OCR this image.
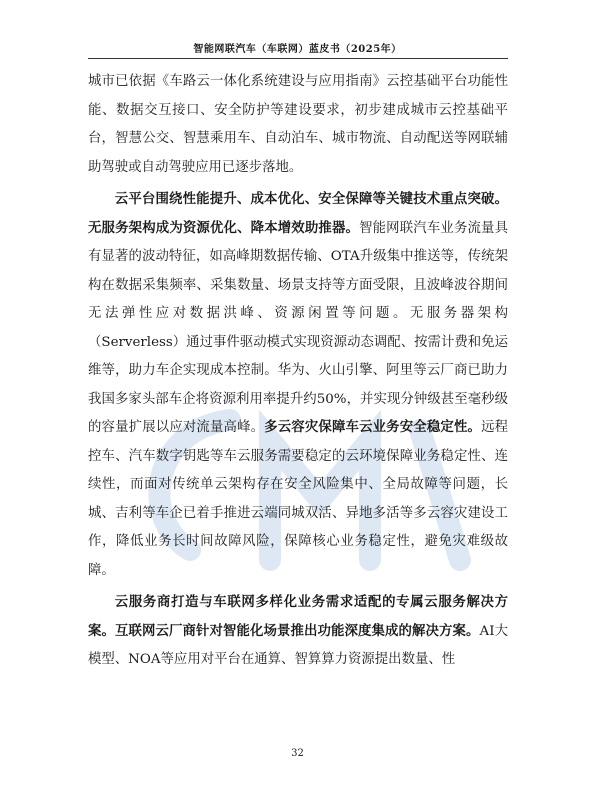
智能网联汽车（车联网）蓝皮书（2025年）

城市已依据《车路云一体化系统建设与应用指南》云控基础平台功能性能、数据交互接口、安全防护等建设要求，初步建成城市云控基础平台，智慧公交、智慧乘用车、自动泊车、城市物流、自动配送等网联辅助驾驶或自动驾驶应用已逐步落地。

云平台围绕性能提升、成本优化、安全保障等关键技术重点突破。无服务架构成为资源优化、降本增效助推器。智能网联汽车业务流量具有显著的波动特征，如高峰期数据传输、OTA升级集中推送等，传统架构在数据采集频率、采集数量、场景支持等方面受限，且波峰波谷期间无法弹性应对数据洪峰、资源闲置等问题。无服务器架构（Serverless）通过事件驱动模式实现资源动态调配、按需计费和免运维等，助力车企实现成本控制。华为、火山引擎、阿里等云厂商已助力我国多家头部车企将资源利用率提升约50%，并实现分钟级甚至毫秒级的容量扩展以应对流量高峰。多云容灾保障车云业务安全稳定性。远程控车、汽车数字钥匙等车云服务需要稳定的云环境保障业务稳定性、连续性，而面对传统单云架构存在安全风险集中、全局故障等问题，长城、吉利等车企已着手推进云端同城双活、异地多活等多云容灾建设工作，降低业务长时间故障风险，保障核心业务稳定性，避免灾难级故障。

云服务商打造与车联网多样化业务需求适配的专属云服务解决方案。互联网云厂商针对智能化场景推出功能深度集成的解决方案。AI大模型、NOA等应用对平台在通算、智算算力资源提出数量、性

32
